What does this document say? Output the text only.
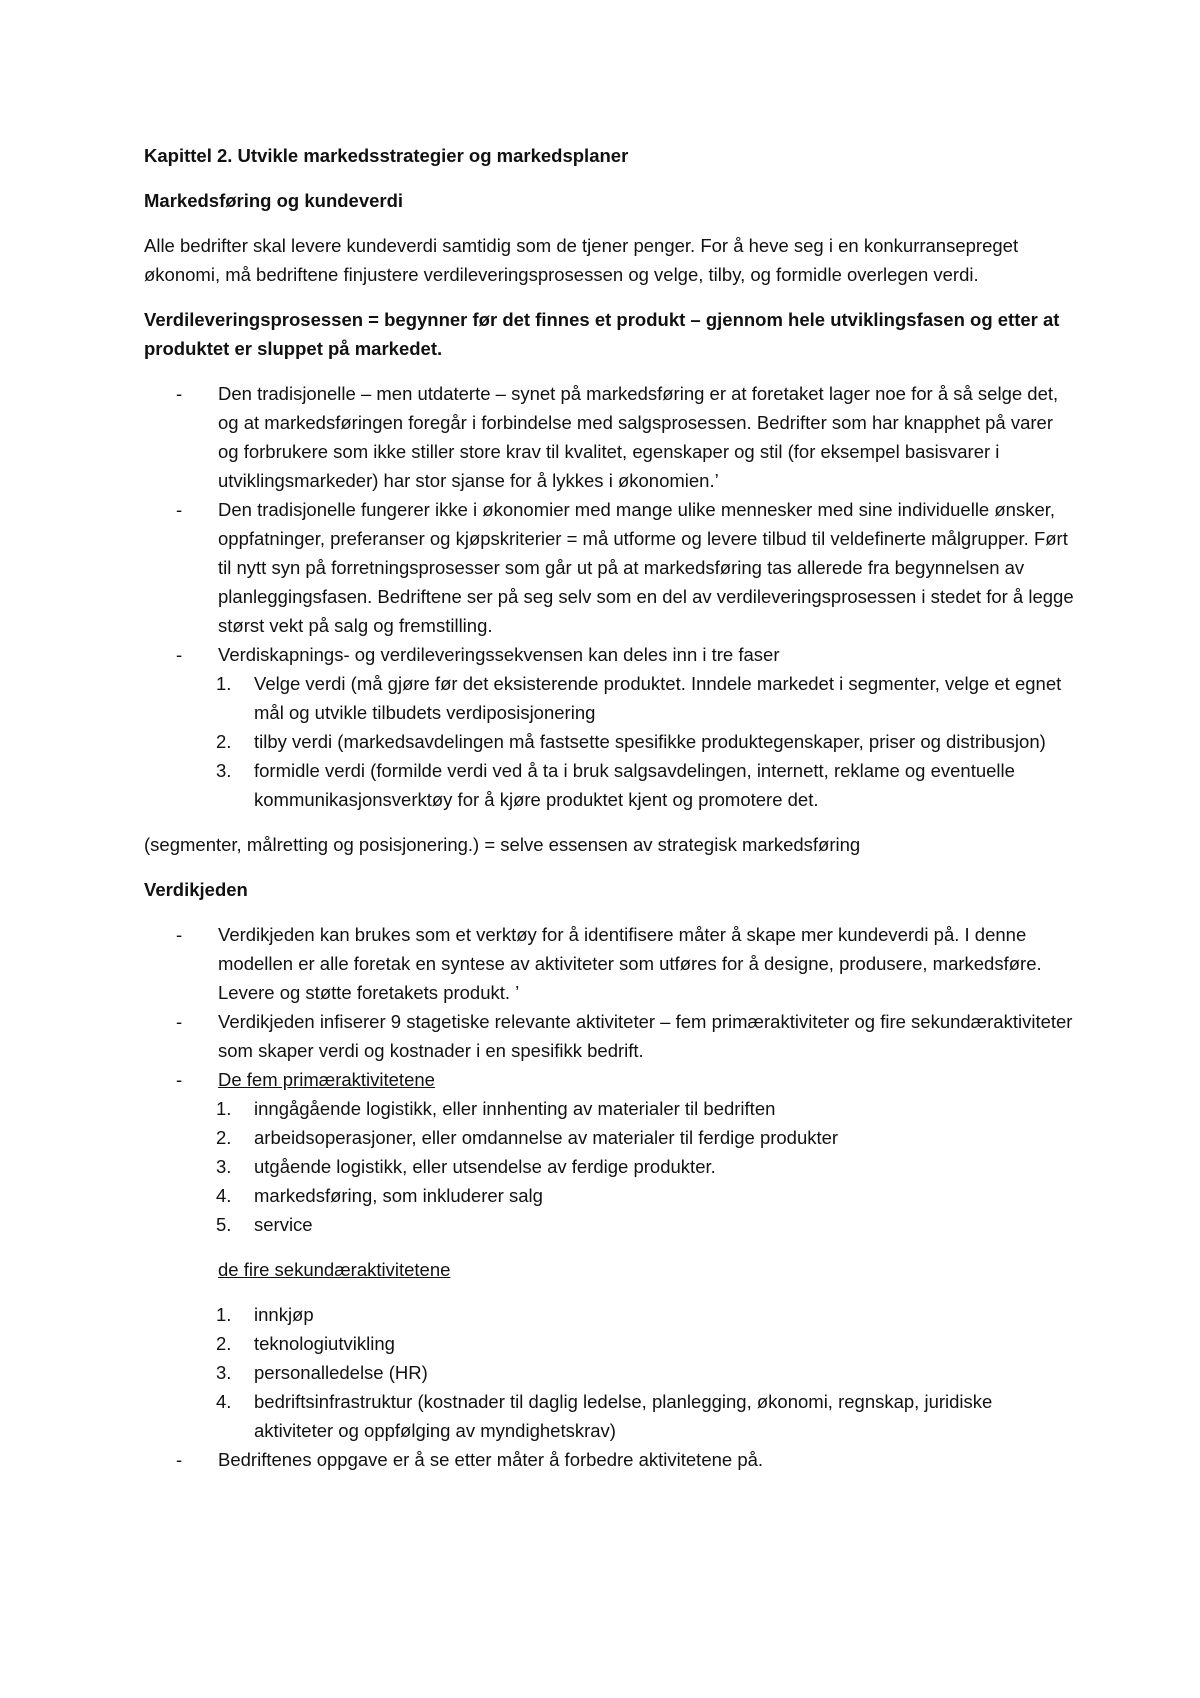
Kapittel 2. Utvikle markedsstrategier og markedsplaner
Markedsføring og kundeverdi

Alle bedrifter skal levere kundeverdi samtidig som de tjener penger. For å heve seg i en konkurransepreget økonomi, må bedriftene finjustere verdileveringsprosessen og velge, tilby, og formidle overlegen verdi.

Verdileveringsprosessen = begynner før det finnes et produkt – gjennom hele utviklingsfasen og etter at produktet er sluppet på markedet.

- Den tradisjonelle – men utdaterte – synet på markedsføring er at foretaket lager noe for å så selge det, og at markedsføringen foregår i forbindelse med salgsprosessen. Bedrifter som har knapphet på varer og forbrukere som ikke stiller store krav til kvalitet, egenskaper og stil (for eksempel basisvarer i utviklingsmarkeder) har stor sjanse for å lykkes i økonomien.’
- Den tradisjonelle fungerer ikke i økonomier med mange ulike mennesker med sine individuelle ønsker, oppfatninger, preferanser og kjøpskriterier = må utforme og levere tilbud til veldefinerte målgrupper. Ført til nytt syn på forretningsprosesser som går ut på at markedsføring tas allerede fra begynnelsen av planleggingsfasen. Bedriftene ser på seg selv som en del av verdileveringsprosessen i stedet for å legge størst vekt på salg og fremstilling.
- Verdiskapnings- og verdileveringssekvensen kan deles inn i tre faser
1. Velge verdi (må gjøre før det eksisterende produktet. Inndele markedet i segmenter, velge et egnet mål og utvikle tilbudets verdiposisjonering
2. tilby verdi (markedsavdelingen må fastsette spesifikke produktegenskaper, priser og distribusjon)
3. formidle verdi (formilde verdi ved å ta i bruk salgsavdelingen, internett, reklame og eventuelle kommunikasjonsverktøy for å kjøre produktet kjent og promotere det.

(segmenter, målretting og posisjonering.) = selve essensen av strategisk markedsføring

Verdikjeden
- Verdikjeden kan brukes som et verktøy for å identifisere måter å skape mer kundeverdi på. I denne modellen er alle foretak en syntese av aktiviteter som utføres for å designe, produsere, markedsføre. Levere og støtte foretakets produkt. ’
- Verdikjeden infiserer 9 stagetiske relevante aktiviteter – fem primæraktiviteter og fire sekundæraktiviteter som skaper verdi og kostnader i en spesifikk bedrift.
- De fem primæraktivitetene
1. inngågående logistikk, eller innhenting av materialer til bedriften
2. arbeidsoperasjoner, eller omdannelse av materialer til ferdige produkter
3. utgående logistikk, eller utsendelse av ferdige produkter.
4. markedsføring, som inkluderer salg
5. service
de fire sekundæraktivitetene
1. innkjøp
2. teknologiutvikling
3. personalledelse (HR)
4. bedriftsinfrastruktur (kostnader til daglig ledelse, planlegging, økonomi, regnskap, juridiske aktiviteter og oppfølging av myndighetskrav)
- Bedriftenes oppgave er å se etter måter å forbedre aktivitetene på.
